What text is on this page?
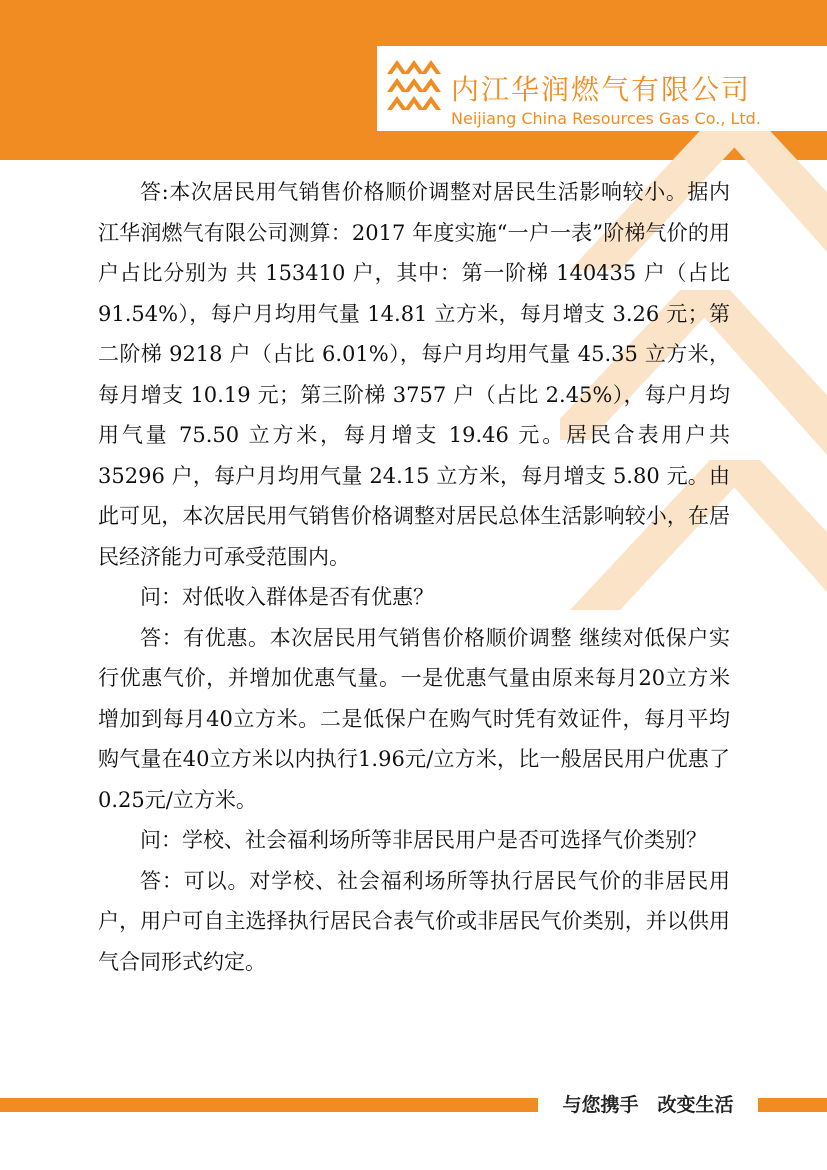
内江华润燃气有限公司
Neijiang China Resources Gas Co., Ltd.

答:本次居民用气销售价格顺价调整对居民生活影响较小。据内江华润燃气有限公司测算：2017 年度实施“一户一表”阶梯气价的用户占比分别为 共 153410 户，其中：第一阶梯 140435 户（占比 91.54%），每户月均用气量 14.81 立方米，每月增支 3.26 元；第二阶梯 9218 户（占比 6.01%），每户月均用气量 45.35 立方米，每月增支 10.19 元；第三阶梯 3757 户（占比 2.45%），每户月均用气量 75.50 立方米，每月增支 19.46 元。居民合表用户共 35296 户，每户月均用气量 24.15 立方米，每月增支 5.80 元。由此可见，本次居民用气销售价格调整对居民总体生活影响较小，在居民经济能力可承受范围内。

问：对低收入群体是否有优惠？

答：有优惠。本次居民用气销售价格顺价调整 继续对低保户实行优惠气价，并增加优惠气量。一是优惠气量由原来每月20立方米增加到每月40立方米。二是低保户在购气时凭有效证件，每月平均购气量在40立方米以内执行1.96元/立方米，比一般居民用户优惠了0.25元/立方米。

问：学校、社会福利场所等非居民用户是否可选择气价类别？

答：可以。对学校、社会福利场所等执行居民气价的非居民用户，用户可自主选择执行居民合表气价或非居民气价类别，并以供用气合同形式约定。

与您携手　改变生活
